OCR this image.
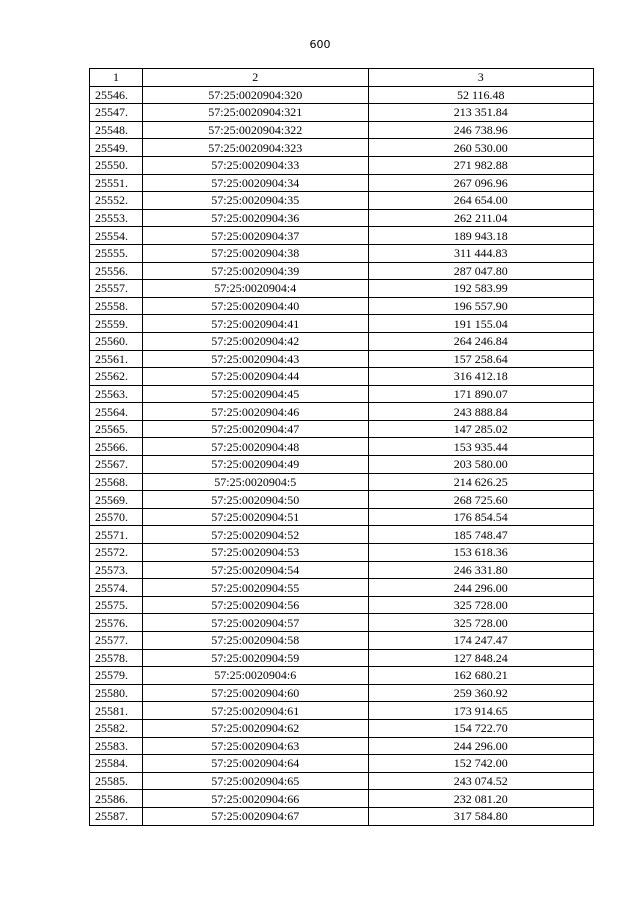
600
1	2	3
25546.	57:25:0020904:320	52 116.48
25547.	57:25:0020904:321	213 351.84
25548.	57:25:0020904:322	246 738.96
25549.	57:25:0020904:323	260 530.00
25550.	57:25:0020904:33	271 982.88
25551.	57:25:0020904:34	267 096.96
25552.	57:25:0020904:35	264 654.00
25553.	57:25:0020904:36	262 211.04
25554.	57:25:0020904:37	189 943.18
25555.	57:25:0020904:38	311 444.83
25556.	57:25:0020904:39	287 047.80
25557.	57:25:0020904:4	192 583.99
25558.	57:25:0020904:40	196 557.90
25559.	57:25:0020904:41	191 155.04
25560.	57:25:0020904:42	264 246.84
25561.	57:25:0020904:43	157 258.64
25562.	57:25:0020904:44	316 412.18
25563.	57:25:0020904:45	171 890.07
25564.	57:25:0020904:46	243 888.84
25565.	57:25:0020904:47	147 285.02
25566.	57:25:0020904:48	153 935.44
25567.	57:25:0020904:49	203 580.00
25568.	57:25:0020904:5	214 626.25
25569.	57:25:0020904:50	268 725.60
25570.	57:25:0020904:51	176 854.54
25571.	57:25:0020904:52	185 748.47
25572.	57:25:0020904:53	153 618.36
25573.	57:25:0020904:54	246 331.80
25574.	57:25:0020904:55	244 296.00
25575.	57:25:0020904:56	325 728.00
25576.	57:25:0020904:57	325 728.00
25577.	57:25:0020904:58	174 247.47
25578.	57:25:0020904:59	127 848.24
25579.	57:25:0020904:6	162 680.21
25580.	57:25:0020904:60	259 360.92
25581.	57:25:0020904:61	173 914.65
25582.	57:25:0020904:62	154 722.70
25583.	57:25:0020904:63	244 296.00
25584.	57:25:0020904:64	152 742.00
25585.	57:25:0020904:65	243 074.52
25586.	57:25:0020904:66	232 081.20
25587.	57:25:0020904:67	317 584.80
